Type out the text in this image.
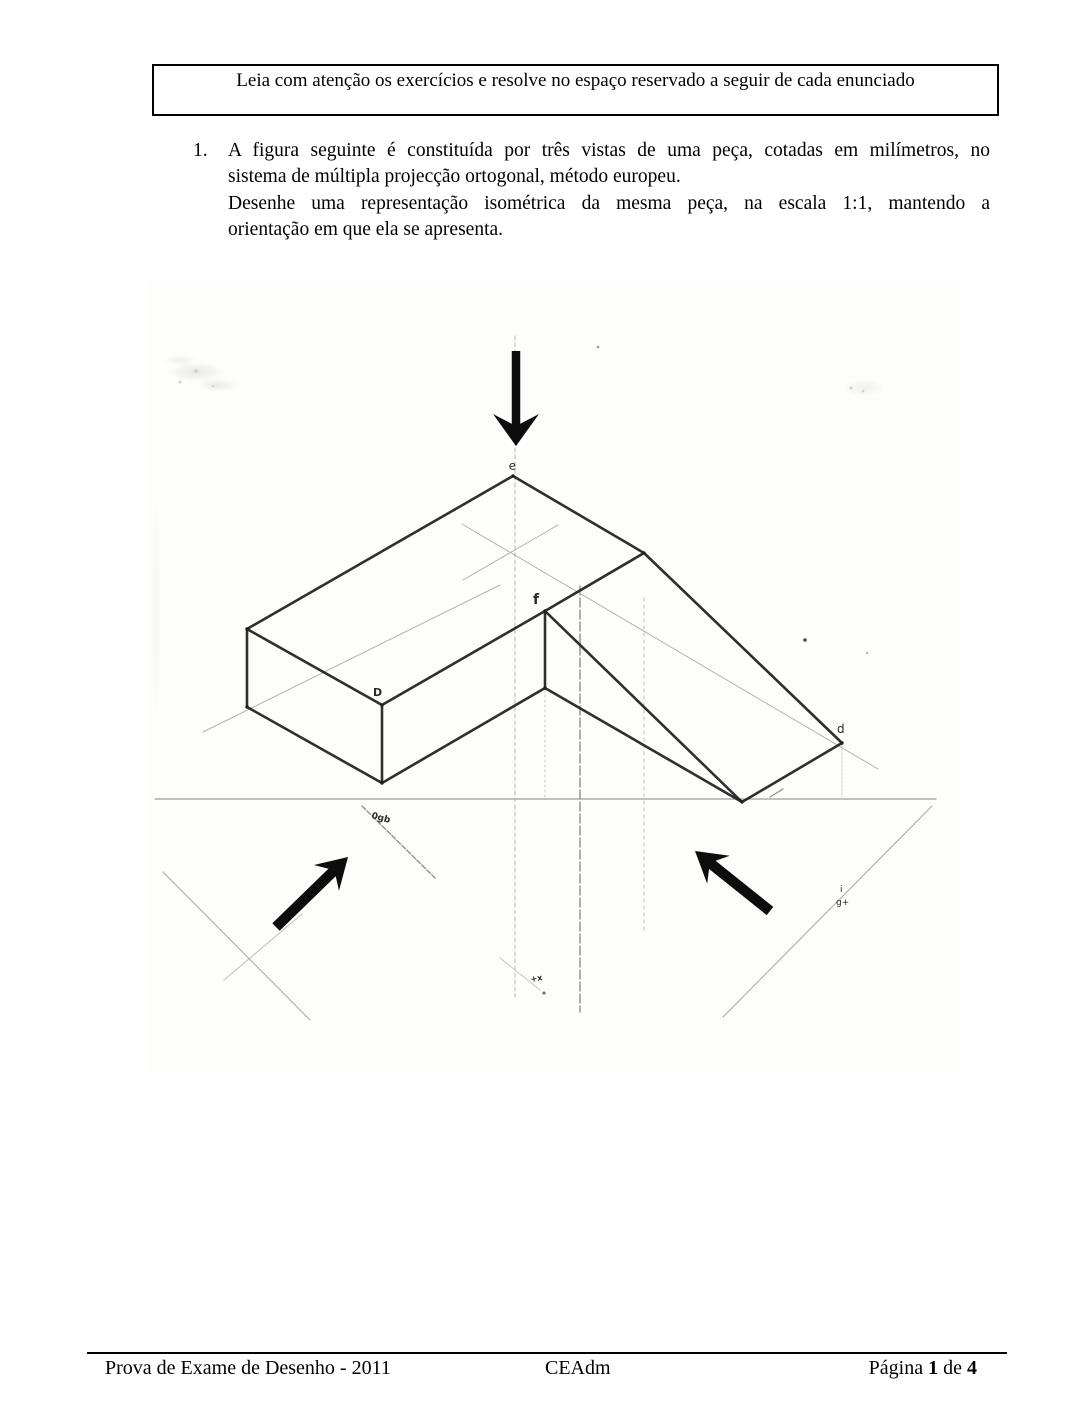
Leia com atenção os exercícios e resolve no espaço reservado a seguir de cada enunciado
1.	A figura seguinte é constituída por três vistas de uma peça, cotadas em milímetros, no
sistema de múltipla projecção ortogonal, método europeu.
Desenhe uma representação isométrica da mesma peça, na escala 1:1, mantendo a
orientação em que ela se apresenta.
e
f
D
d
0gb
i
g+
+x
Prova de Exame de Desenho - 2011	CEAdm	Página 1 de 4
